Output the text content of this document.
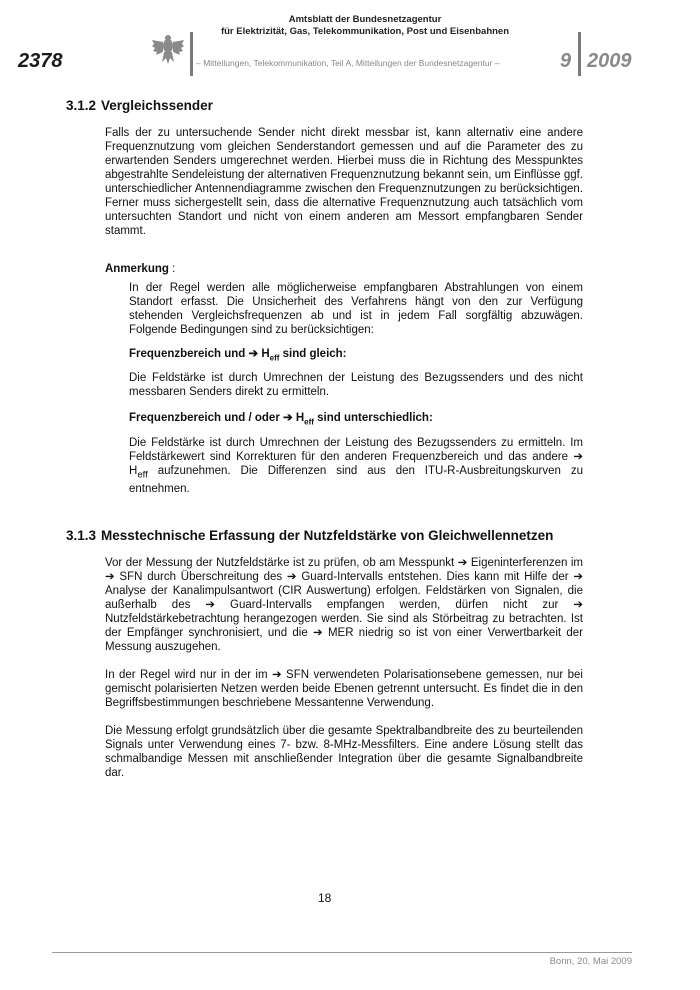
2378
Amtsblatt der Bundesnetzagentur
für Elektrizität, Gas, Telekommunikation, Post und Eisenbahnen
– Mitteilungen, Telekommunikation, Teil A, Mitteilungen der Bundesnetzagentur –	9 2009
3.1.2 Vergleichssender

Falls der zu untersuchende Sender nicht direkt messbar ist, kann alternativ eine andere Frequenznutzung vom gleichen Senderstandort gemessen und auf die Parameter des zu erwartenden Senders umgerechnet werden. Hierbei muss die in Richtung des Messpunktes abgestrahlte Sendeleistung der alternativen Frequenznutzung bekannt sein, um Einflüsse ggf. unterschiedlicher Antennendiagramme zwischen den Frequenznutzungen zu berücksichtigen. Ferner muss sichergestellt sein, dass die alternative Frequenznutzung auch tatsächlich vom untersuchten Standort und nicht von einem anderen am Messort empfangbaren Sender stammt.

Anmerkung :

In der Regel werden alle möglicherweise empfangbaren Abstrahlungen von einem Standort erfasst. Die Unsicherheit des Verfahrens hängt von den zur Verfügung stehenden Vergleichsfrequenzen ab und ist in jedem Fall sorgfältig abzuwägen. Folgende Bedingungen sind zu berücksichtigen:

Frequenzbereich und ➔ $H_{eff}$ sind gleich:

Die Feldstärke ist durch Umrechnen der Leistung des Bezugssenders und des nicht messbaren Senders direkt zu ermitteln.

Frequenzbereich und / oder ➔ $H_{eff}$ sind unterschiedlich:

Die Feldstärke ist durch Umrechnen der Leistung des Bezugssenders zu ermitteln. Im Feldstärkewert sind Korrekturen für den anderen Frequenzbereich und das andere ➔ $H_{eff}$ aufzunehmen. Die Differenzen sind aus den ITU-R-Ausbreitungskurven zu entnehmen.

3.1.3 Messtechnische Erfassung der Nutzfeldstärke von Gleichwellennetzen

Vor der Messung der Nutzfeldstärke ist zu prüfen, ob am Messpunkt ➔ Eigeninterferenzen im ➔ SFN durch Überschreitung des ➔ Guard-Intervalls entstehen. Dies kann mit Hilfe der ➔ Analyse der Kanalimpulsantwort (CIR Auswertung) erfolgen. Feldstärken von Signalen, die außerhalb des ➔ Guard-Intervalls empfangen werden, dürfen nicht zur ➔ Nutzfeldstärkebetrachtung herangezogen werden. Sie sind als Störbeitrag zu betrachten. Ist der Empfänger synchronisiert, und die ➔ MER niedrig so ist von einer Verwertbarkeit der Messung auszugehen.

In der Regel wird nur in der im ➔ SFN verwendeten Polarisationsebene gemessen, nur bei gemischt polarisierten Netzen werden beide Ebenen getrennt untersucht. Es findet die in den Begriffsbestimmungen beschriebene Messantenne Verwendung.

Die Messung erfolgt grundsätzlich über die gesamte Spektralbandbreite des zu beurteilenden Signals unter Verwendung eines 7- bzw. 8-MHz-Messfilters. Eine andere Lösung stellt das schmalbandige Messen mit anschließender Integration über die gesamte Signalbandbreite dar.

18
Bonn, 20. Mai 2009
